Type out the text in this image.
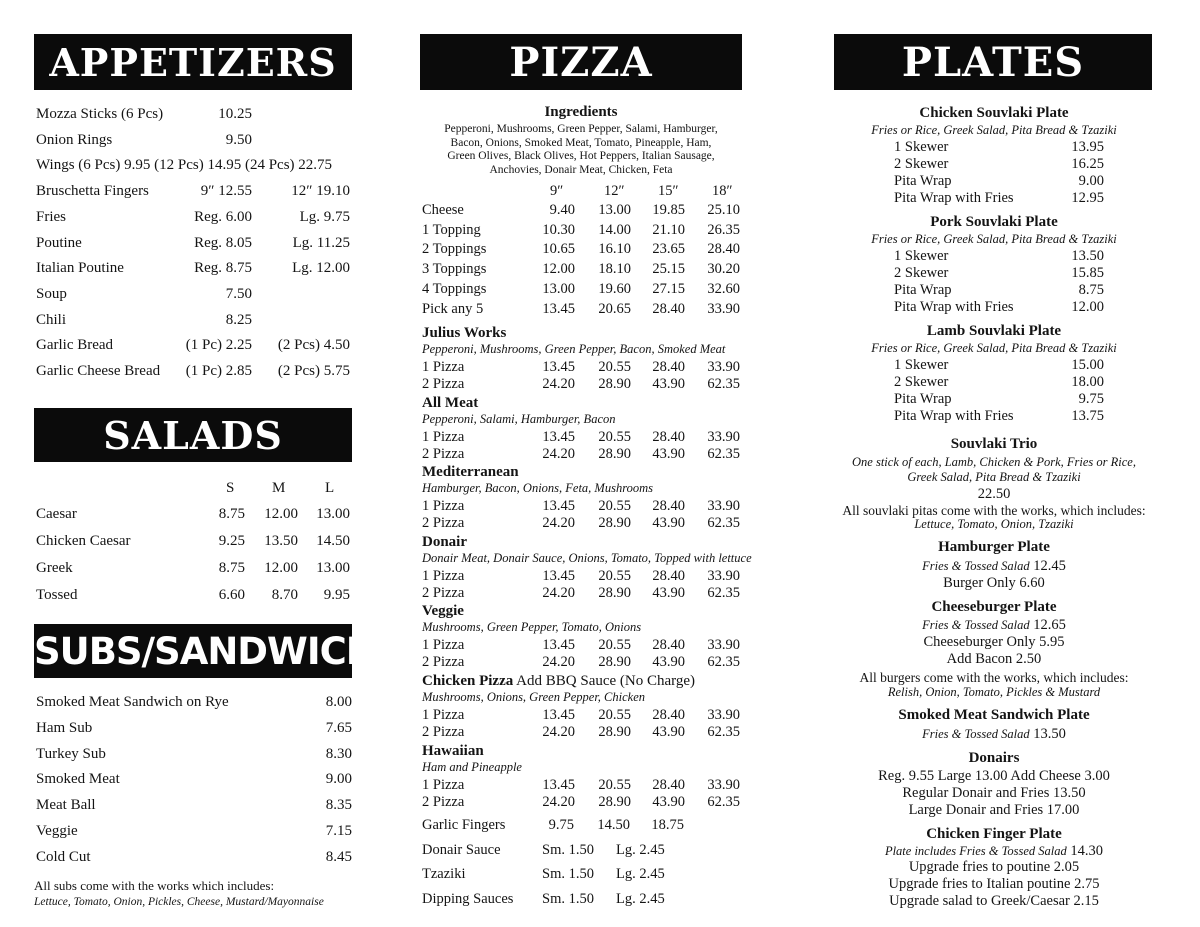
APPETIZERS
Mozza Sticks (6 Pcs)	10.25
Onion Rings	9.50
Wings (6 Pcs) 9.95 (12 Pcs) 14.95 (24 Pcs) 22.75
Bruschetta Fingers	9″ 12.55	12″ 19.10
Fries	Reg. 6.00	Lg. 9.75
Poutine	Reg. 8.05	Lg. 11.25
Italian Poutine	Reg. 8.75	Lg. 12.00
Soup	7.50
Chili	8.25
Garlic Bread	(1 Pc) 2.25 (2 Pcs) 4.50
Garlic Cheese Bread (1 Pc) 2.85 (2 Pcs) 5.75
SALADS
S	M	L
Caesar	8.75 12.00 13.00
Chicken Caesar	9.25 13.50 14.50
Greek	8.75 12.00 13.00
Tossed	6.60 8.70 9.95
SUBS/SANDWICHES
Smoked Meat Sandwich on Rye	8.00
Ham Sub	7.65
Turkey Sub	8.30
Smoked Meat	9.00
Meat Ball	8.35
Veggie	7.15
Cold Cut	8.45
All subs come with the works which includes:
Lettuce, Tomato, Onion, Pickles, Cheese, Mustard/Mayonnaise
PIZZA
Ingredients
Pepperoni, Mushrooms, Green Pepper, Salami, Hamburger,
Bacon, Onions, Smoked Meat, Tomato, Pineapple, Ham,
Green Olives, Black Olives, Hot Peppers, Italian Sausage,
Anchovies, Donair Meat, Chicken, Feta
9″	12″ 15″ 18″
Cheese	9.40 13.00 19.85 25.10
1 Topping	10.30 14.00 21.10 26.35
2 Toppings	10.65 16.10 23.65 28.40
3 Toppings	12.00 18.10 25.15 30.20
4 Toppings	13.00 19.60 27.15 32.60
Pick any 5	13.45 20.65 28.40 33.90
Julius Works
Pepperoni, Mushrooms, Green Pepper, Bacon, Smoked Meat
1 Pizza	13.45 20.55 28.40 33.90
2 Pizza	24.20 28.90 43.90 62.35
All Meat
Pepperoni, Salami, Hamburger, Bacon
1 Pizza	13.45 20.55 28.40 33.90
2 Pizza	24.20 28.90 43.90 62.35
Mediterranean
Hamburger, Bacon, Onions, Feta, Mushrooms
1 Pizza	13.45 20.55 28.40 33.90
2 Pizza	24.20 28.90 43.90 62.35
Donair
Donair Meat, Donair Sauce, Onions, Tomato, Topped with lettuce
1 Pizza	13.45 20.55 28.40 33.90
2 Pizza	24.20 28.90 43.90 62.35
Veggie
Mushrooms, Green Pepper, Tomato, Onions
1 Pizza	13.45 20.55 28.40 33.90
2 Pizza	24.20 28.90 43.90 62.35
Chicken Pizza Add BBQ Sauce (No Charge)
Mushrooms, Onions, Green Pepper, Chicken
1 Pizza	13.45 20.55 28.40 33.90
2 Pizza	24.20 28.90 43.90 62.35
Hawaiian
Ham and Pineapple
1 Pizza	13.45 20.55 28.40 33.90
2 Pizza	24.20 28.90 43.90 62.35
Garlic Fingers	9.75 14.50 18.75
Donair Sauce	Sm. 1.50 Lg. 2.45
Tzaziki	Sm. 1.50 Lg. 2.45
Dipping Sauces Sm. 1.50 Lg. 2.45
PLATES
Chicken Souvlaki Plate
Fries or Rice, Greek Salad, Pita Bread & Tzaziki
1 Skewer	13.95
2 Skewer	16.25
Pita Wrap	9.00
Pita Wrap with Fries	12.95
Pork Souvlaki Plate
Fries or Rice, Greek Salad, Pita Bread & Tzaziki
1 Skewer	13.50
2 Skewer	15.85
Pita Wrap	8.75
Pita Wrap with Fries	12.00
Lamb Souvlaki Plate
Fries or Rice, Greek Salad, Pita Bread & Tzaziki
1 Skewer	15.00
2 Skewer	18.00
Pita Wrap	9.75
Pita Wrap with Fries	13.75
Souvlaki Trio
One stick of each, Lamb, Chicken & Pork, Fries or Rice,
Greek Salad, Pita Bread & Tzaziki
22.50
All souvlaki pitas come with the works, which includes:
Lettuce, Tomato, Onion, Tzaziki
Hamburger Plate
Fries & Tossed Salad 12.45
Burger Only 6.60
Cheeseburger Plate
Fries & Tossed Salad 12.65
Cheeseburger Only 5.95
Add Bacon 2.50
All burgers come with the works, which includes:
Relish, Onion, Tomato, Pickles & Mustard
Smoked Meat Sandwich Plate
Fries & Tossed Salad 13.50
Donairs
Reg. 9.55 Large 13.00 Add Cheese 3.00
Regular Donair and Fries 13.50
Large Donair and Fries 17.00
Chicken Finger Plate
Plate includes Fries & Tossed Salad 14.30
Upgrade fries to poutine 2.05
Upgrade fries to Italian poutine 2.75
Upgrade salad to Greek/Caesar 2.15
